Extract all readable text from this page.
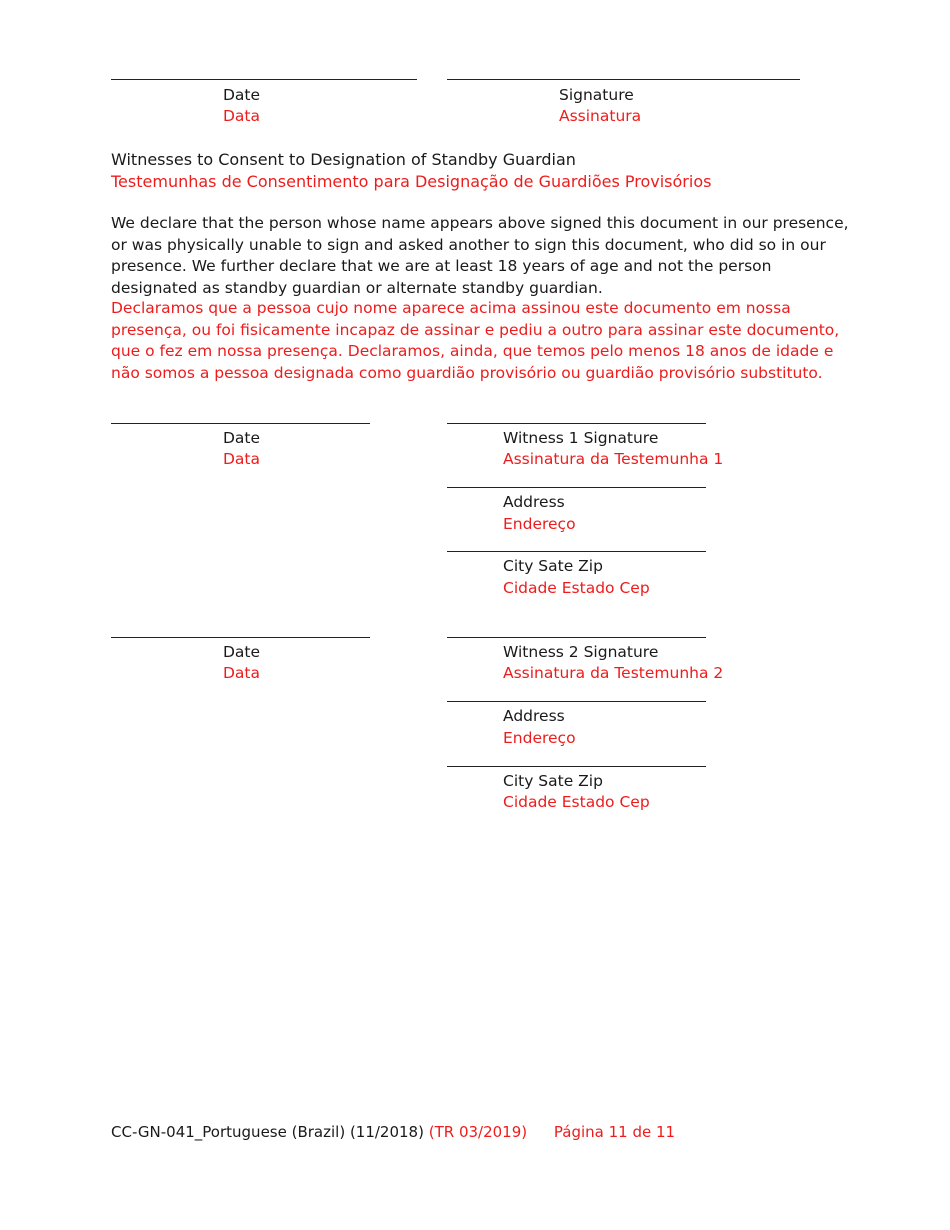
Date
Data
Signature
Assinatura
Witnesses to Consent to Designation of Standby Guardian
Testemunhas de Consentimento para Designação de Guardiões Provisórios
We declare that the person whose name appears above signed this document in our presence, or was physically unable to sign and asked another to sign this document, who did so in our presence. We further declare that we are at least 18 years of age and not the person designated as standby guardian or alternate standby guardian.
Declaramos que a pessoa cujo nome aparece acima assinou este documento em nossa presença, ou foi fisicamente incapaz de assinar e pediu a outro para assinar este documento, que o fez em nossa presença. Declaramos, ainda, que temos pelo menos 18 anos de idade e não somos a pessoa designada como guardião provisório ou guardião provisório substituto.
Date
Data
Witness 1 Signature
Assinatura da Testemunha 1
Address
Endereço
City Sate Zip
Cidade Estado Cep
Date
Data
Witness 2 Signature
Assinatura da Testemunha 2
Address
Endereço
City Sate Zip
Cidade Estado Cep
CC-GN-041_Portuguese (Brazil) (11/2018) (TR 03/2019) Página 11 de 11
